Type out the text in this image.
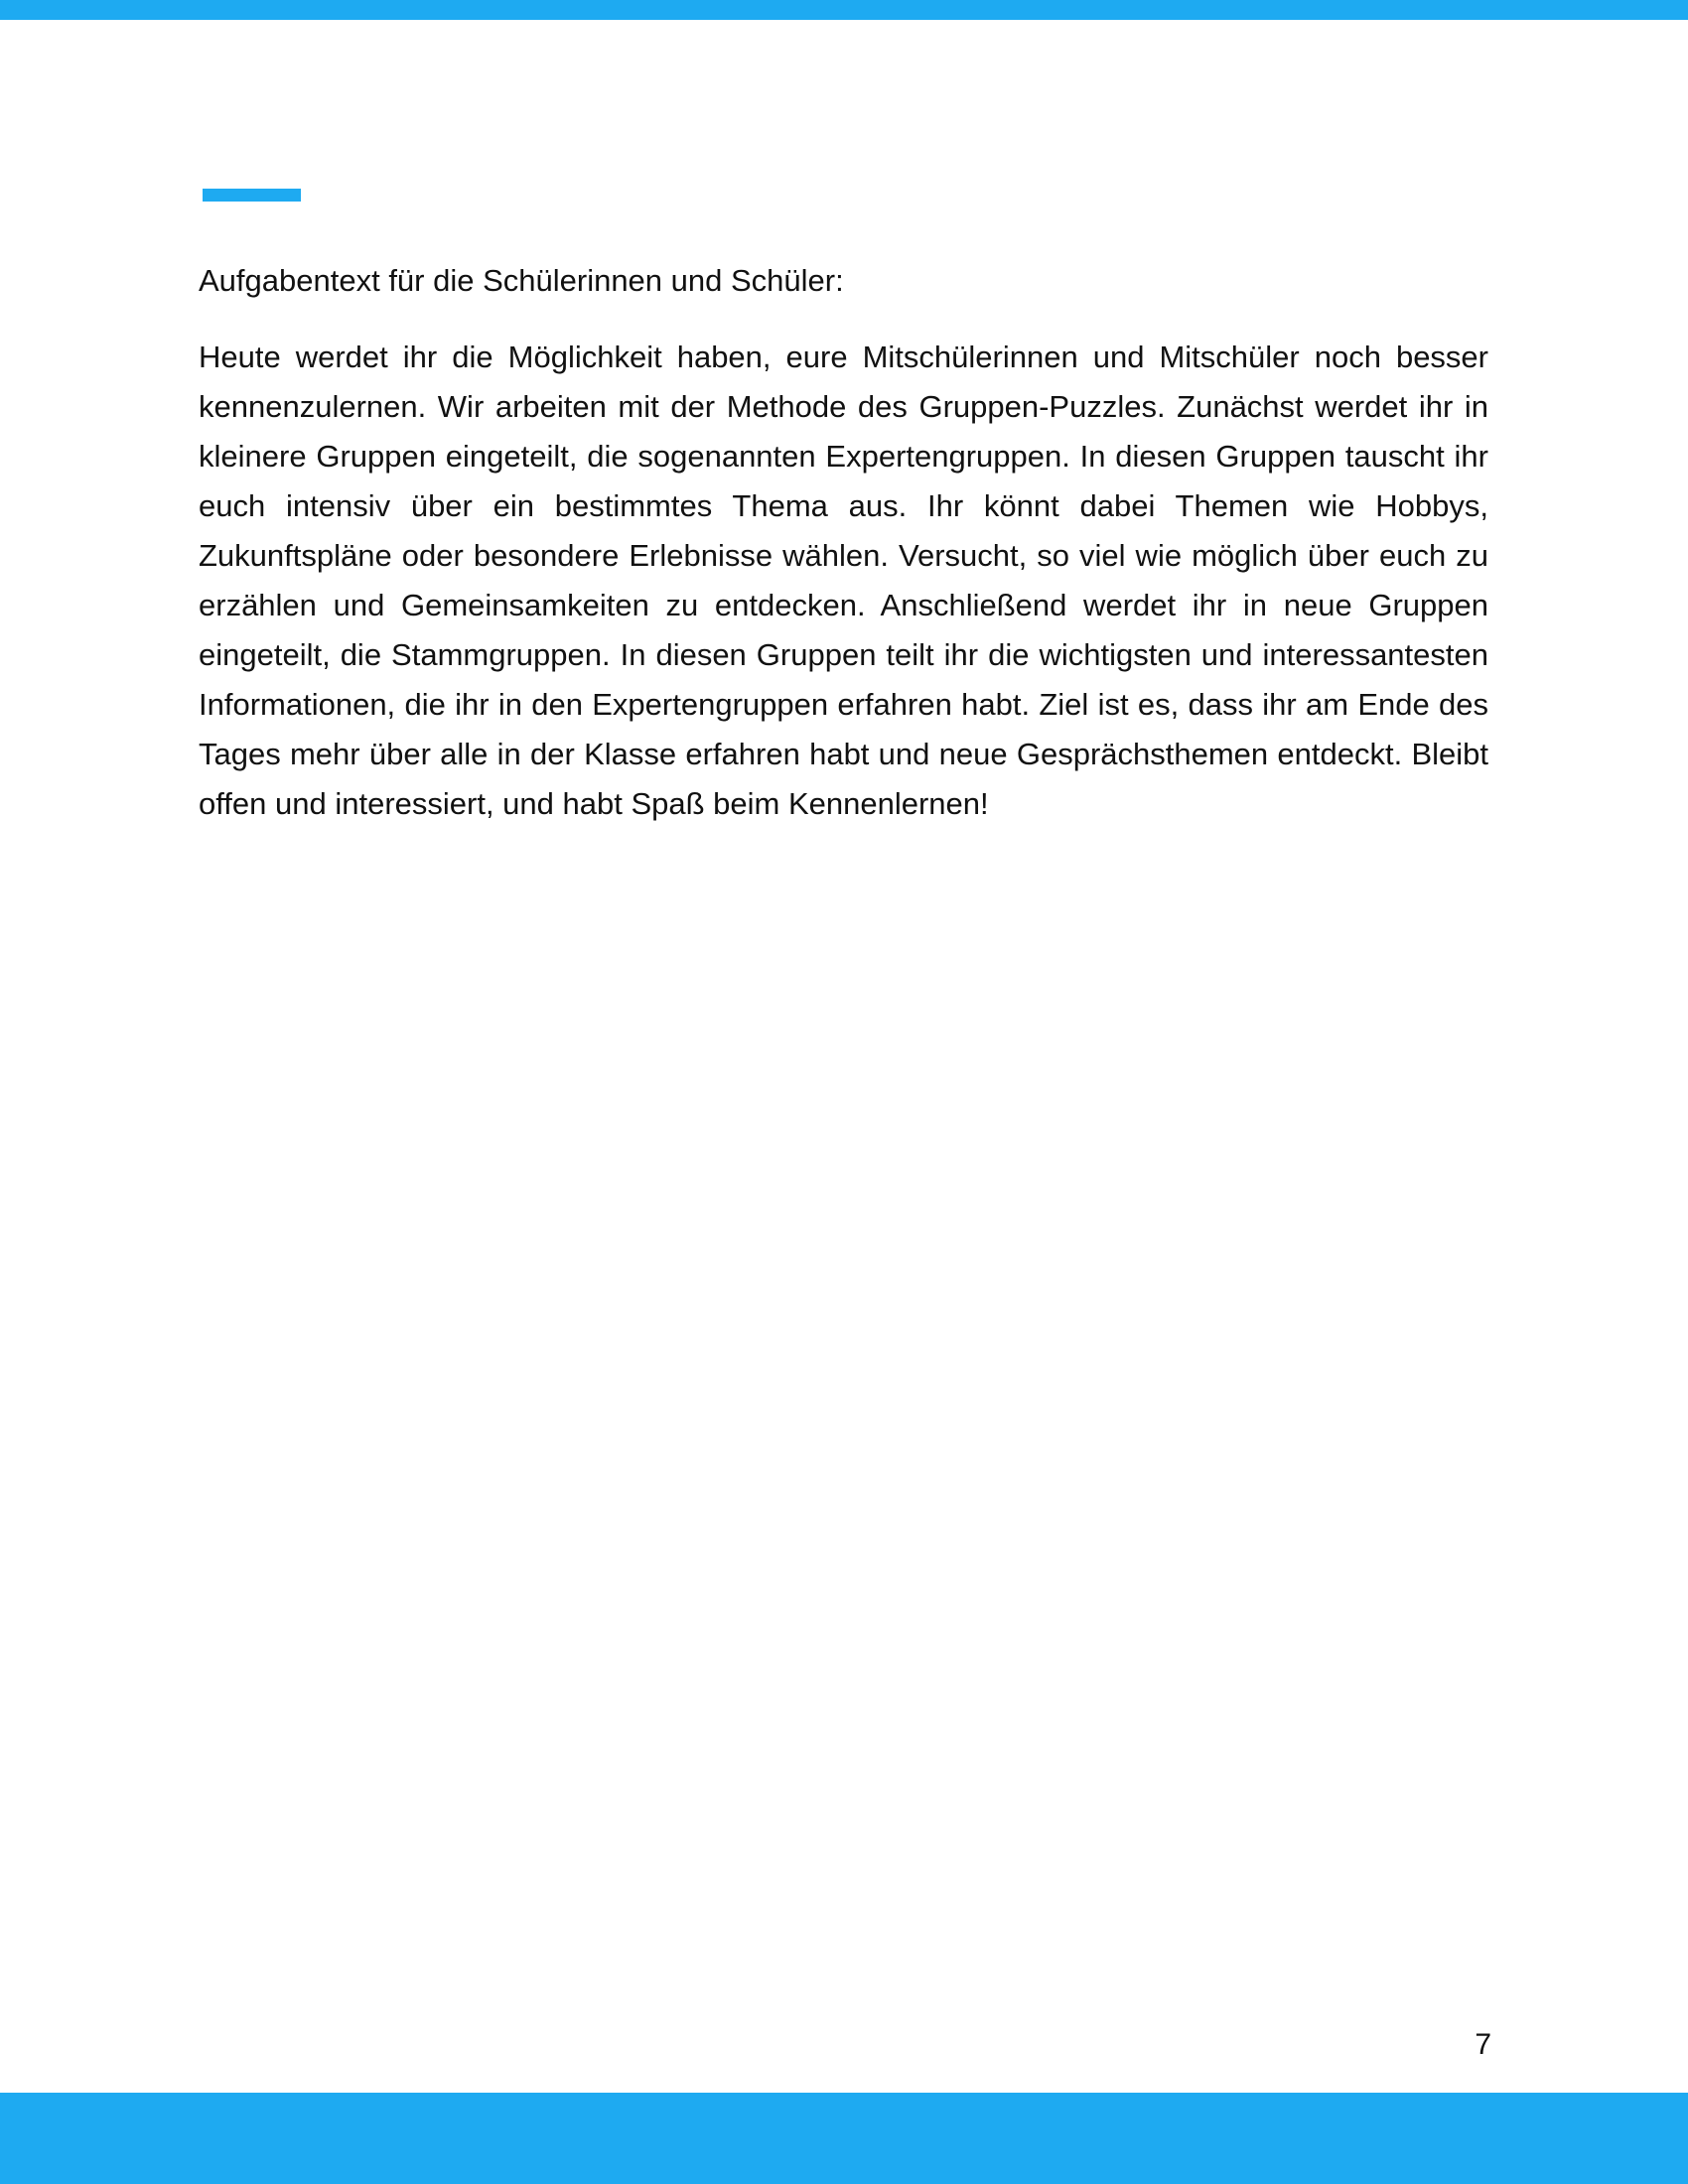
Aufgabentext für die Schülerinnen und Schüler:

Heute werdet ihr die Möglichkeit haben, eure Mitschülerinnen und Mitschüler noch besser kennenzulernen. Wir arbeiten mit der Methode des Gruppen-Puzzles. Zunächst werdet ihr in kleinere Gruppen eingeteilt, die sogenannten Expertengruppen. In diesen Gruppen tauscht ihr euch intensiv über ein bestimmtes Thema aus. Ihr könnt dabei Themen wie Hobbys, Zukunftspläne oder besondere Erlebnisse wählen. Versucht, so viel wie möglich über euch zu erzählen und Gemeinsamkeiten zu entdecken. Anschließend werdet ihr in neue Gruppen eingeteilt, die Stammgruppen. In diesen Gruppen teilt ihr die wichtigsten und interessantesten Informationen, die ihr in den Expertengruppen erfahren habt. Ziel ist es, dass ihr am Ende des Tages mehr über alle in der Klasse erfahren habt und neue Gesprächsthemen entdeckt. Bleibt offen und interessiert, und habt Spaß beim Kennenlernen!

7
